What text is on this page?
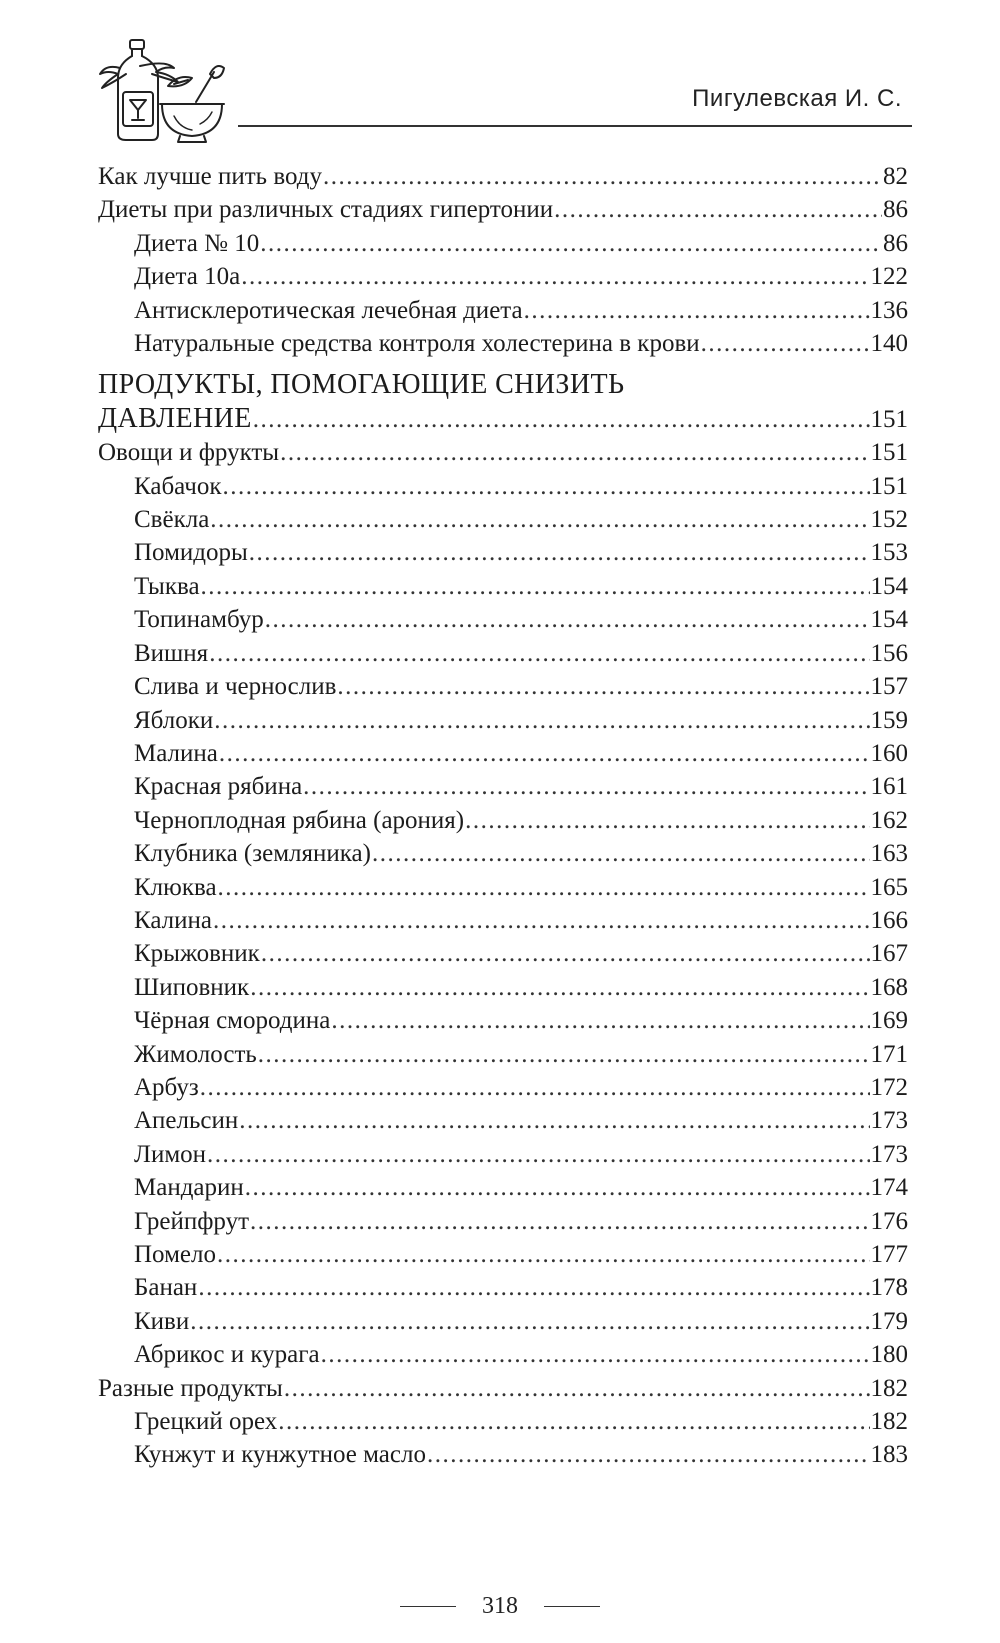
Пигулевская И. С.
Как лучше пить воду .....	82
Диеты при различных стадиях гипертонии .....	86
Диета № 10 .....	86
Диета 10а .....	122
Антисклеротическая лечебная диета .....	136
Натуральные средства контроля холестерина в крови .....	140
ПРОДУКТЫ, ПОМОГАЮЩИЕ СНИЗИТЬ
ДАВЛЕНИЕ .....	151
Овощи и фрукты .....	151
Кабачок .....	151
Свёкла .....	152
Помидоры .....	153
Тыква .....	154
Топинамбур .....	154
Вишня .....	156
Слива и чернослив .....	157
Яблоки .....	159
Малина .....	160
Красная рябина .....	161
Черноплодная рябина (арония) .....	162
Клубника (земляника) .....	163
Клюква .....	165
Калина .....	166
Крыжовник .....	167
Шиповник .....	168
Чёрная смородина .....	169
Жимолость .....	171
Арбуз .....	172
Апельсин .....	173
Лимон .....	173
Мандарин .....	174
Грейпфрут .....	176
Помело .....	177
Банан .....	178
Киви .....	179
Абрикос и курага .....	180
Разные продукты .....	182
Грецкий орех .....	182
Кунжут и кунжутное масло .....	183
318
